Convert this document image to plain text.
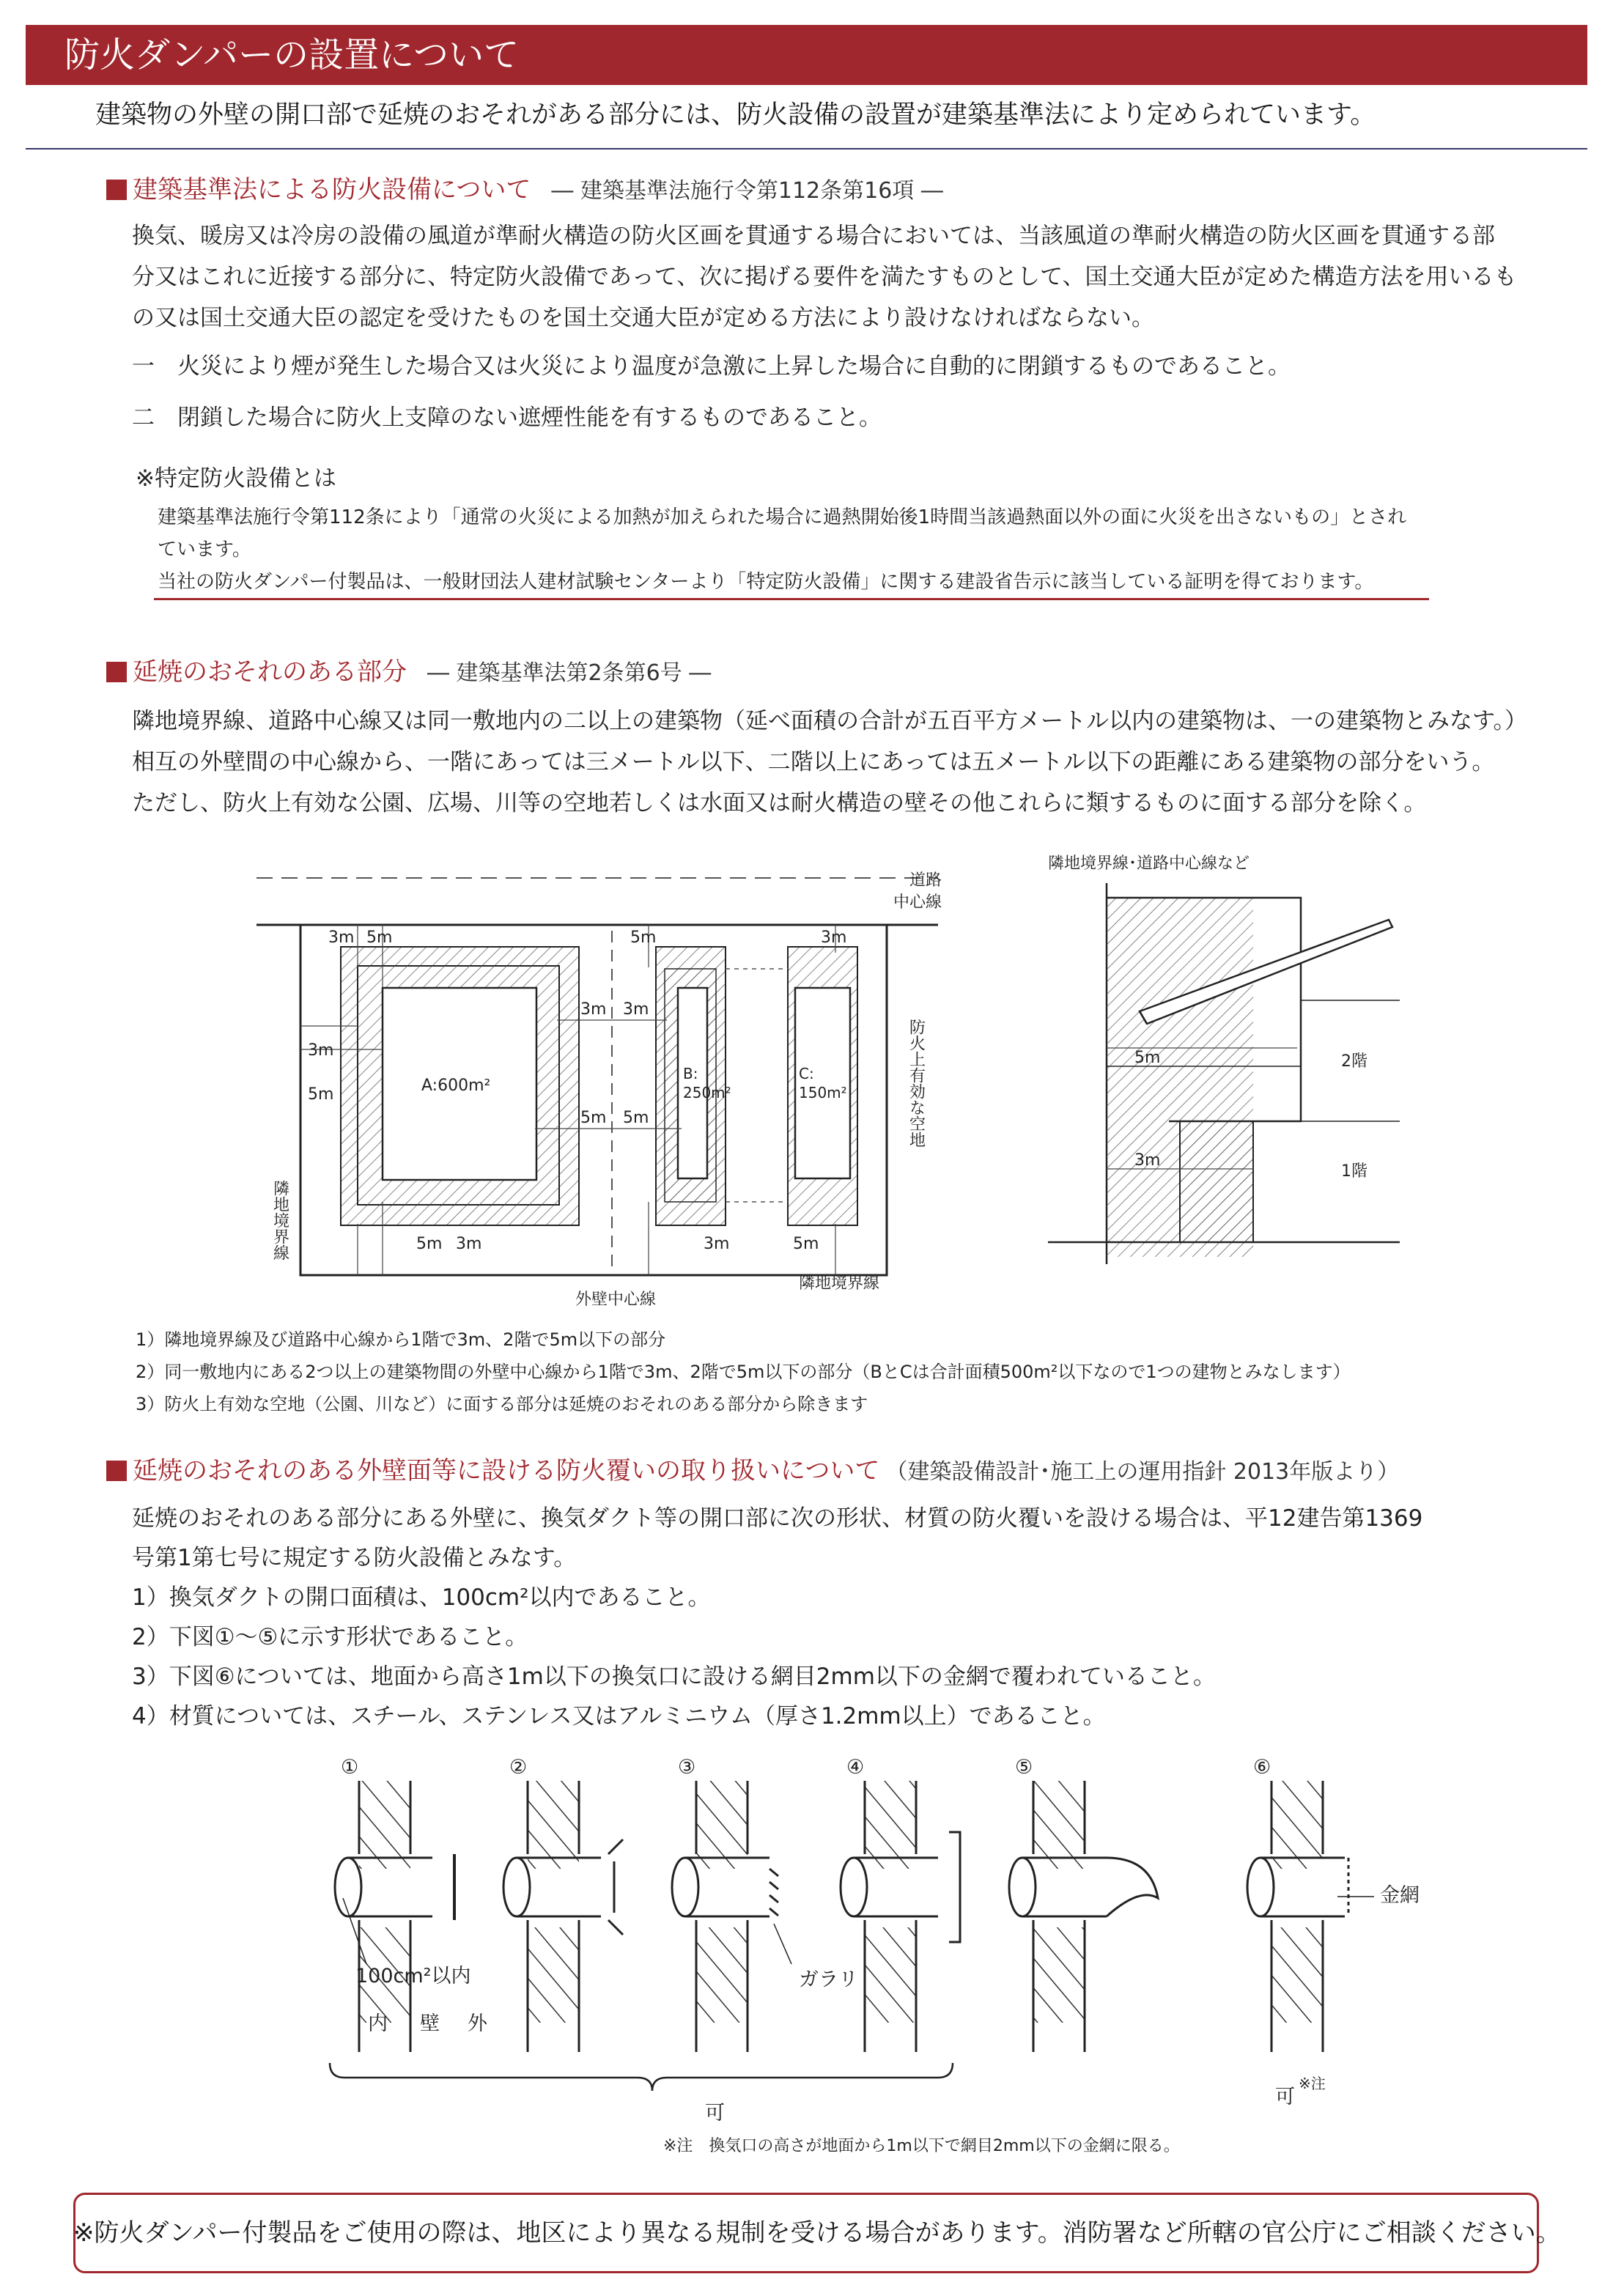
防火ダンパーの設置について
建築物の外壁の開口部で延焼のおそれがある部分には、防火設備の設置が建築基準法により定められています。
建築基準法による防火設備について ― 建築基準法施行令第112条第16項 ―
換気、暖房又は冷房の設備の風道が準耐火構造の防火区画を貫通する場合においては、当該風道の準耐火構造の防火区画を貫通する部分又はこれに近接する部分に、特定防火設備であって、次に掲げる要件を満たすものとして、国土交通大臣が定めた構造方法を用いるもの又は国土交通大臣の認定を受けたものを国土交通大臣が定める方法により設けなければならない。
一　火災により煙が発生した場合又は火災により温度が急激に上昇した場合に自動的に閉鎖するものであること。
二　閉鎖した場合に防火上支障のない遮煙性能を有するものであること。
※特定防火設備とは
建築基準法施行令第112条により「通常の火災による加熱が加えられた場合に過熱開始後1時間当該過熱面以外の面に火災を出さないもの」とされ
ています。
当社の防火ダンパー付製品は、一般財団法人建材試験センターより「特定防火設備」に関する建設省告示に該当している証明を得ております。
延焼のおそれのある部分 ― 建築基準法第2条第6号 ―
隣地境界線、道路中心線又は同一敷地内の二以上の建築物（延べ面積の合計が五百平方メートル以内の建築物は、一の建築物とみなす。）相互の外壁間の中心線から、一階にあっては三メートル以下、二階以上にあっては五メートル以下の距離にある建築物の部分をいう。ただし、防火上有効な公園、広場、川等の空地若しくは水面又は耐火構造の壁その他これらに類するものに面する部分を除く。
A:600m²
B:
250m²
C:
150m²
3m 5m	5m	3m
3m
5m
3m 3m
5m 5m
5m 3m	3m	5m
道路
中心線
防火上有効な空地
隣地境界線
隣地境界線
外壁中心線
隣地境界線･道路中心線など
5m
3m
2階
1階
1）隣地境界線及び道路中心線から1階で3m、2階で5m以下の部分
2）同一敷地内にある2つ以上の建築物間の外壁中心線から1階で3m、2階で5m以下の部分（BとCは合計面積500m²以下なので1つの建物とみなします）
3）防火上有効な空地（公園、川など）に面する部分は延焼のおそれのある部分から除きます
延焼のおそれのある外壁面等に設ける防火覆いの取り扱いについて （建築設備設計･施工上の運用指針 2013年版より）
延焼のおそれのある部分にある外壁に、換気ダクト等の開口部に次の形状、材質の防火覆いを設ける場合は、平12建告第1369
号第1第七号に規定する防火設備とみなす。
1）換気ダクトの開口面積は、100cm²以内であること。
2）下図①～⑤に示す形状であること。
3）下図⑥については、地面から高さ1m以下の換気口に設ける網目2mm以下の金網で覆われていること。
4）材質については、スチール、ステンレス又はアルミニウム（厚さ1.2mm以上）であること。
①	②	③	④	⑤	⑥
100cm²以内
内 壁 外
ガラリ
金網
可
可
※注
※注　換気口の高さが地面から1m以下で網目2mm以下の金網に限る。
※防火ダンパー付製品をご使用の際は、地区により異なる規制を受ける場合があります。消防署など所轄の官公庁にご相談ください。
